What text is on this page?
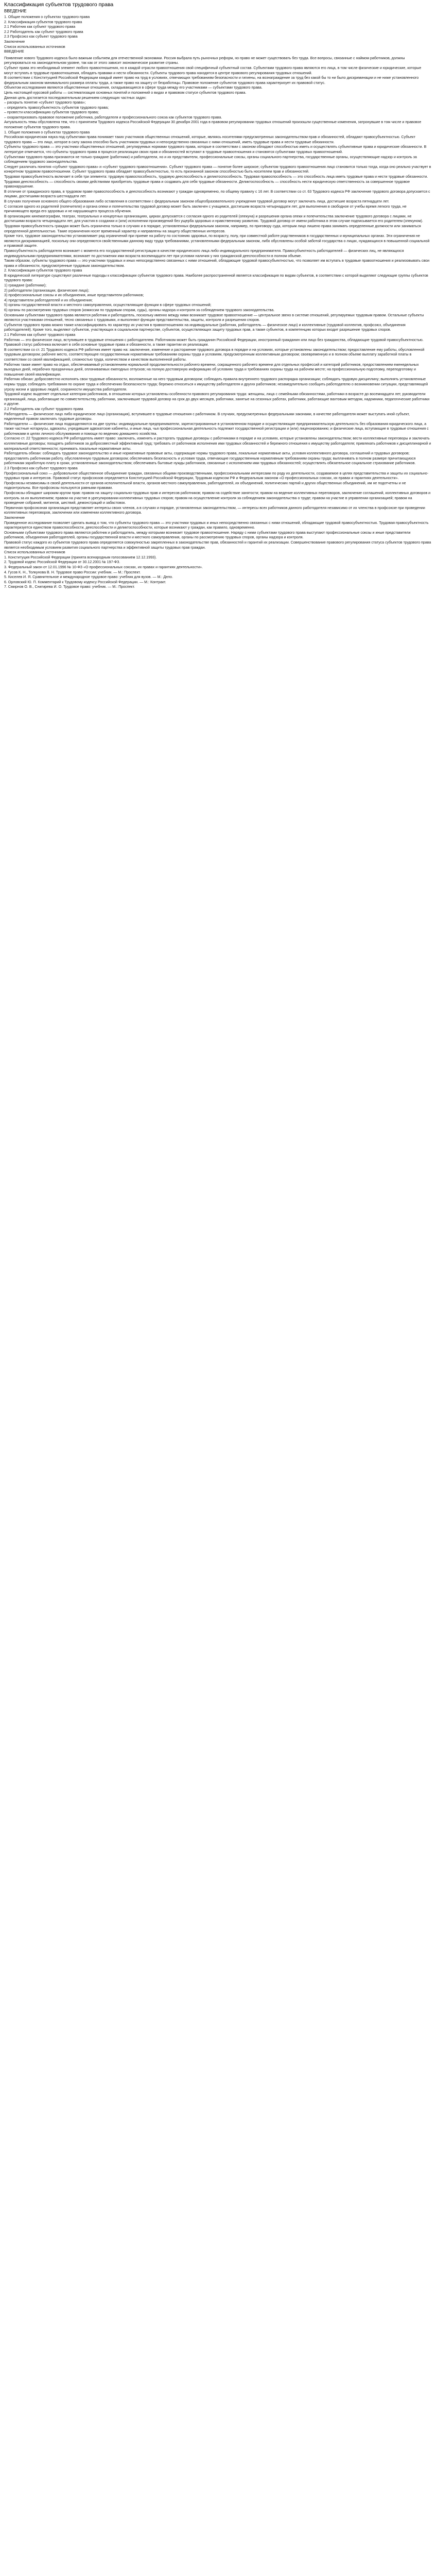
Классификация субъектов трудового права
ВВЕДЕНИЕ
1. Общие положения о субъектах трудового права
2. Классификация субъектов трудового права
2.1 Работник как субъект трудового права
2.2 Работодатель как субъект трудового права
2.3 Профсоюз как субъект трудового права
Заключение
Список использованных источников
ВВЕДЕНИЕ
Появление нового Трудового кодекса было важным событием для отечественной экономики. Россия выбрала путь рыночных реформ, но право не может существовать без труда. Все вопросы, связанные с наймом работников, должны регулироваться на законодательном уровне, так как от этого зависит экономическое развитие страны.
Субъект права это необходимый элемент любого правоотношения, но в каждой отрасли правоотношения свой специфичный субъектный состав. Субъектами трудового права являются его лица, в том числе физические и юридические, которые могут вступать в трудовые правоотношения, обладать правами и нести обязанности. Субъекты трудового права находятся в центре правового регулирования трудовых отношений.
В соответствии с Конституцией Российской Федерации каждый имеет право на труд в условиях, отвечающих требованиям безопасности и гигиены, на вознаграждение за труд без какой бы то ни было дискриминации и не ниже установленного федеральным законом минимального размера оплаты труда, а также право на защиту от безработицы. Правовое положение субъектов трудового права характеризует их правовой статус.
Объектом исследования являются общественные отношения, складывающиеся в сфере труда между его участниками — субъектами трудового права.
Цель настоящей курсовой работы — систематизация основных понятий и положений о видах и правовом статусе субъектов трудового права.
Данная цель достигается последовательным решением следующих частных задач:
– раскрыть понятие «субъект трудового права»;
– определить правосубъектность субъектов трудового права;
– провести классификацию субъектов трудового права;
– охарактеризовать правовое положение работника, работодателя и профессионального союза как субъектов трудового права.
Актуальность темы обусловлена тем, что с принятием Трудового кодекса Российской Федерации 30 декабря 2001 года в правовом регулировании трудовых отношений произошли существенные изменения, затронувшие в том числе и правовое положение субъектов трудового права.
1. Общие положения о субъектах трудового права
Российская юридическая наука под субъектами права понимает таких участников общественных отношений, которые, являясь носителями предусмотренных законодательством прав и обязанностей, обладают правосубъектностью. Субъект трудового права — это лицо, которое в силу закона способно быть участником трудовых и непосредственно связанных с ними отношений, иметь трудовые права и нести трудовые обязанности.
Субъекты трудового права — это участники общественных отношений, регулируемых нормами трудового права, которые в соответствии с законом обладают способностью иметь и осуществлять субъективные права и юридические обязанности. В литературе отмечается, что субъекты трудового права в процессе реализации своих прав и обязанностей вступают в трудовые правоотношения и становятся субъектами трудовых правоотношений.
Субъектами трудового права признаются не только граждане (работники) и работодатели, но и их представители, профессиональные союзы, органы социального партнерства, государственные органы, осуществляющие надзор и контроль за соблюдением трудового законодательства.
Следует различать понятия «субъект трудового права» и «субъект трудового правоотношения». Субъект трудового права — понятие более широкое; субъектом трудового правоотношения лицо становится только тогда, когда оно реально участвует в конкретном трудовом правоотношении. Субъект трудового права обладает правосубъектностью, то есть признанной законом способностью быть носителем прав и обязанностей.
Трудовая правосубъектность включает в себя три элемента: трудовую правоспособность, трудовую дееспособность и деликтоспособность. Трудовая правоспособность — это способность лица иметь трудовые права и нести трудовые обязанности. Трудовая дееспособность — способность своими действиями приобретать трудовые права и создавать для себя трудовые обязанности. Деликтоспособность — способность нести юридическую ответственность за совершенное трудовое правонарушение.
В отличие от гражданского права, в трудовом праве правоспособность и дееспособность возникают у граждан одновременно, по общему правилу с 16 лет. В соответствии со ст. 63 Трудового кодекса РФ заключение трудового договора допускается с лицами, достигшими возраста шестнадцати лет.
В случаях получения основного общего образования либо оставления в соответствии с федеральным законом общеобразовательного учреждения трудовой договор могут заключать лица, достигшие возраста пятнадцати лет.
С согласия одного из родителей (попечителя) и органа опеки и попечительства трудовой договор может быть заключен с учащимся, достигшим возраста четырнадцати лет, для выполнения в свободное от учебы время легкого труда, не причиняющего вреда его здоровью и не нарушающего процесса обучения.
В организациях кинематографии, театрах, театральных и концертных организациях, цирках допускается с согласия одного из родителей (опекуна) и разрешения органа опеки и попечительства заключение трудового договора с лицами, не достигшими возраста четырнадцати лет, для участия в создании и (или) исполнении произведений без ущерба здоровью и нравственному развитию. Трудовой договор от имени работника в этом случае подписывается его родителем (опекуном).
Трудовая правосубъектность граждан может быть ограничена только в случаях и в порядке, установленных федеральным законом, например, по приговору суда, которым лицо лишено права занимать определенные должности или заниматься определенной деятельностью. Такие ограничения носят временный характер и направлены на защиту общественных интересов.
Кроме того, трудовое законодательство устанавливает ряд ограничений при приеме на работу по состоянию здоровья, по возрасту, полу, при совместной работе родственников в государственных и муниципальных органах. Эти ограничения не являются дискриминацией, поскольку они определяются свойственными данному виду труда требованиями, установленными федеральным законом, либо обусловлены особой заботой государства о лицах, нуждающихся в повышенной социальной и правовой защите.
Правосубъектность работодателя возникает с момента его государственной регистрации в качестве юридического лица либо индивидуального предпринимателя. Правосубъектность работодателей — физических лиц, не являющихся индивидуальными предпринимателями, возникает по достижении ими возраста восемнадцати лет при условии наличия у них гражданской дееспособности в полном объеме.
Таким образом, субъекты трудового права — это участники трудовых и иных непосредственно связанных с ними отношений, обладающие трудовой правосубъектностью, что позволяет им вступать в трудовые правоотношения и реализовывать свои права и обязанности, предусмотренные трудовым законодательством.
2. Классификация субъектов трудового права
В юридической литературе существуют различные подходы к классификации субъектов трудового права. Наиболее распространенной является классификация по видам субъектов, в соответствии с которой выделяют следующие группы субъектов трудового права:
1) граждане (работники);
2) работодатели (организации, физические лица);
3) профессиональные союзы и их объединения, иные представители работников;
4) представители работодателей и их объединения;
5) органы государственной власти и местного самоуправления, осуществляющие функции в сфере трудовых отношений;
6) органы по рассмотрению трудовых споров (комиссии по трудовым спорам, суды), органы надзора и контроля за соблюдением трудового законодательства.
Основными субъектами трудового права являются работник и работодатель, поскольку именно между ними возникает трудовое правоотношение — центральное звено в системе отношений, регулируемых трудовым правом. Остальные субъекты являются участниками отношений, тесно связанных с трудовыми, и выполняют функции представительства, защиты, контроля и разрешения споров.
Субъектов трудового права можно также классифицировать по характеру их участия в правоотношениях на индивидуальные (работник, работодатель — физическое лицо) и коллективные (трудовой коллектив, профсоюз, объединения работодателей). Кроме того, выделяют субъектов, участвующих в социальном партнерстве, субъектов, осуществляющих защиту трудовых прав, а также субъектов, в компетенцию которых входит разрешение трудовых споров.
2.1 Работник как субъект трудового права
Работник — это физическое лицо, вступившее в трудовые отношения с работодателем. Работником может быть гражданин Российской Федерации, иностранный гражданин или лицо без гражданства, обладающие трудовой правосубъектностью. Правовой статус работника включает в себя основные трудовые права и обязанности, а также гарантии их реализации.
В соответствии со ст. 21 Трудового кодекса РФ работник имеет право на: заключение, изменение и расторжение трудового договора в порядке и на условиях, которые установлены законодательством; предоставление ему работы, обусловленной трудовым договором; рабочее место, соответствующее государственным нормативным требованиям охраны труда и условиям, предусмотренным коллективным договором; своевременную и в полном объеме выплату заработной платы в соответствии со своей квалификацией, сложностью труда, количеством и качеством выполненной работы.
Работник также имеет право на отдых, обеспечиваемый установлением нормальной продолжительности рабочего времени, сокращенного рабочего времени для отдельных профессий и категорий работников, предоставлением еженедельных выходных дней, нерабочих праздничных дней, оплачиваемых ежегодных отпусков; на полную достоверную информацию об условиях труда и требованиях охраны труда на рабочем месте; на профессиональную подготовку, переподготовку и повышение своей квалификации.
Работник обязан: добросовестно исполнять свои трудовые обязанности, возложенные на него трудовым договором; соблюдать правила внутреннего трудового распорядка организации; соблюдать трудовую дисциплину; выполнять установленные нормы труда; соблюдать требования по охране труда и обеспечению безопасности труда; бережно относиться к имуществу работодателя и других работников; незамедлительно сообщить работодателю о возникновении ситуации, представляющей угрозу жизни и здоровью людей, сохранности имущества работодателя.
Трудовой кодекс выделяет отдельные категории работников, в отношении которых установлены особенности правового регулирования труда: женщины, лица с семейными обязанностями, работники в возрасте до восемнадцати лет, руководители организаций, лица, работающие по совместительству, работники, заключившие трудовой договор на срок до двух месяцев, работники, занятые на сезонных работах, работники, работающие вахтовым методом, надомники, педагогические работники и другие.
2.2 Работодатель как субъект трудового права
Работодатель — физическое лицо либо юридическое лицо (организация), вступившее в трудовые отношения с работником. В случаях, предусмотренных федеральными законами, в качестве работодателя может выступать иной субъект, наделенный правом заключать трудовые договоры.
Работодатели — физические лица подразделяются на две группы: индивидуальные предприниматели, зарегистрированные в установленном порядке и осуществляющие предпринимательскую деятельность без образования юридического лица, а также частные нотариусы, адвокаты, учредившие адвокатские кабинеты, и иные лица, чья профессиональная деятельность подлежит государственной регистрации и (или) лицензированию; и физические лица, вступающие в трудовые отношения с работниками в целях личного обслуживания и помощи по ведению домашнего хозяйства.
Согласно ст. 22 Трудового кодекса РФ работодатель имеет право: заключать, изменять и расторгать трудовые договоры с работниками в порядке и на условиях, которые установлены законодательством; вести коллективные переговоры и заключать коллективные договоры; поощрять работников за добросовестный эффективный труд; требовать от работников исполнения ими трудовых обязанностей и бережного отношения к имуществу работодателя; привлекать работников к дисциплинарной и материальной ответственности; принимать локальные нормативные акты.
Работодатель обязан: соблюдать трудовое законодательство и иные нормативные правовые акты, содержащие нормы трудового права, локальные нормативные акты, условия коллективного договора, соглашений и трудовых договоров; предоставлять работникам работу, обусловленную трудовым договором; обеспечивать безопасность и условия труда, отвечающие государственным нормативным требованиям охраны труда; выплачивать в полном размере причитающуюся работникам заработную плату в сроки, установленные законодательством; обеспечивать бытовые нужды работников, связанные с исполнением ими трудовых обязанностей; осуществлять обязательное социальное страхование работников.
2.3 Профсоюз как субъект трудового права
Профессиональный союз — добровольное общественное объединение граждан, связанных общими производственными, профессиональными интересами по роду их деятельности, создаваемое в целях представительства и защиты их социально-трудовых прав и интересов. Правовой статус профсоюзов определяется Конституцией Российской Федерации, Трудовым кодексом РФ и Федеральным законом «О профессиональных союзах, их правах и гарантиях деятельности».
Профсоюзы независимы в своей деятельности от органов исполнительной власти, органов местного самоуправления, работодателей, их объединений, политических партий и других общественных объединений, им не подотчетны и не подконтрольны. Все профсоюзы пользуются равными правами.
Профсоюзы обладают широким кругом прав: правом на защиту социально-трудовых прав и интересов работников; правом на содействие занятости; правом на ведение коллективных переговоров, заключение соглашений, коллективных договоров и контроль за их выполнением; правом на участие в урегулировании коллективных трудовых споров; правом на осуществление контроля за соблюдением законодательства о труде; правом на участие в управлении организацией; правом на проведение собраний, митингов, шествий, демонстраций и забастовок.
Первичная профсоюзная организация представляет интересы своих членов, а в случаях и порядке, установленных законодательством, — интересы всех работников данного работодателя независимо от их членства в профсоюзе при проведении коллективных переговоров, заключении или изменении коллективного договора.
Заключение
Проведенное исследование позволяет сделать вывод о том, что субъекты трудового права — это участники трудовых и иных непосредственно связанных с ними отношений, обладающие трудовой правосубъектностью. Трудовая правосубъектность характеризуется единством правоспособности, дееспособности и деликтоспособности, которые возникают у граждан, как правило, одновременно.
Основными субъектами трудового права являются работник и работодатель, между которыми возникает трудовое правоотношение. Наряду с ними субъектами трудового права выступают профессиональные союзы и иные представители работников, объединения работодателей, органы государственной власти и местного самоуправления, органы по рассмотрению трудовых споров, органы надзора и контроля.
Правовой статус каждого из субъектов трудового права определяется совокупностью закрепленных в законодательстве прав, обязанностей и гарантий их реализации. Совершенствование правового регулирования статуса субъектов трудового права является необходимым условием развития социального партнерства и эффективной защиты трудовых прав граждан.
Список использованных источников
1. Конституция Российской Федерации (принята всенародным голосованием 12.12.1993).
2. Трудовой кодекс Российской Федерации от 30.12.2001 № 197-ФЗ.
3. Федеральный закон от 12.01.1996 № 10-ФЗ «О профессиональных союзах, их правах и гарантиях деятельности».
4. Гусов К. Н., Толкунова В. Н. Трудовое право России: учебник. — М.: Проспект.
5. Киселев И. Я. Сравнительное и международное трудовое право: учебник для вузов. — М.: Дело.
6. Орловский Ю. П. Комментарий к Трудовому кодексу Российской Федерации. — М.: Контракт.
7. Смирнов О. В., Снигирева И. О. Трудовое право: учебник. — М.: Проспект.
